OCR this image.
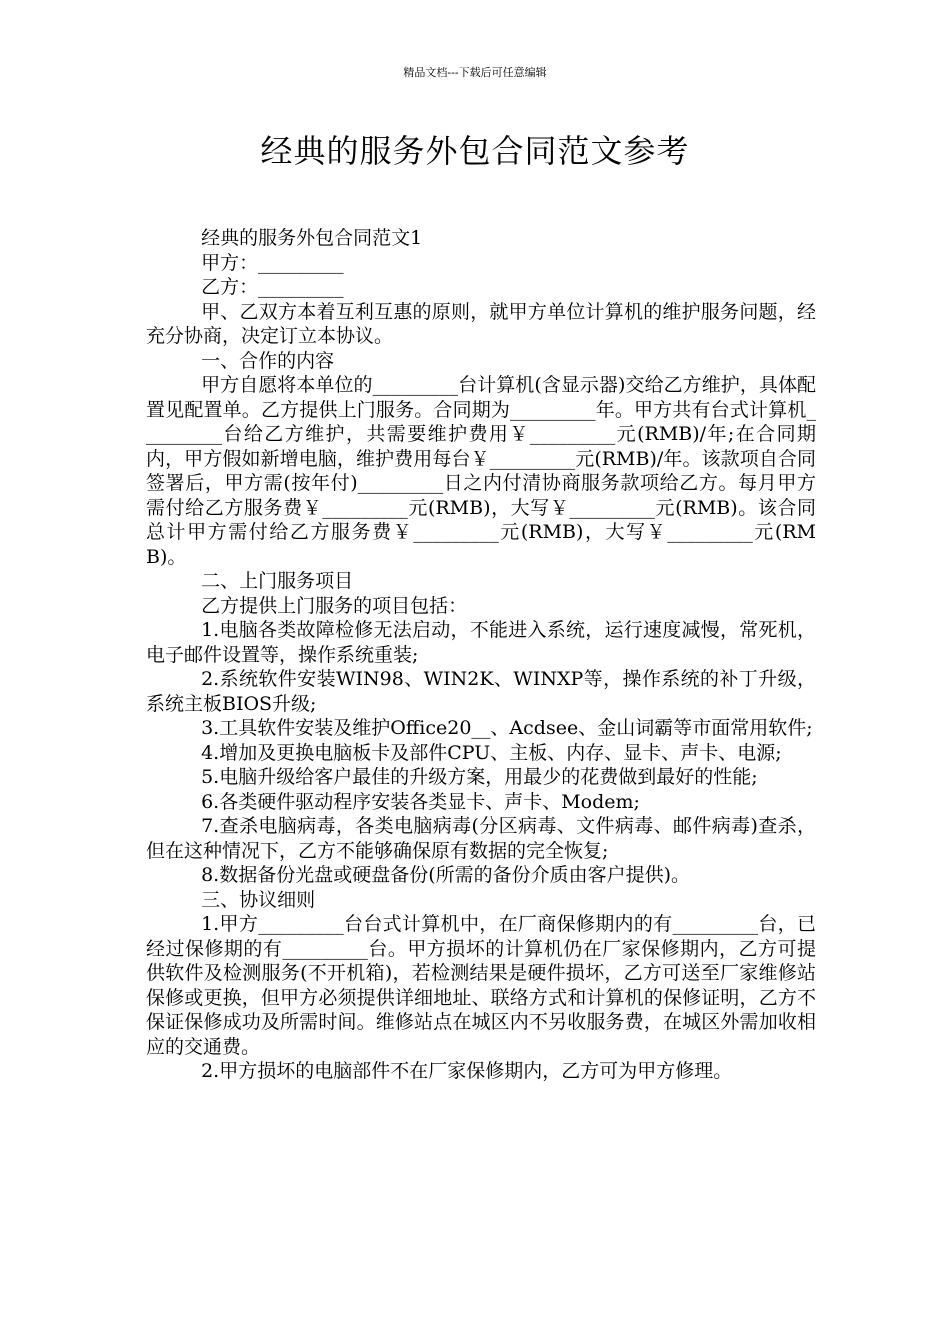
精品文档---下载后可任意编辑
经典的服务外包合同范文参考

经典的服务外包合同范文1

甲方：_________

乙方：_________

甲、乙双方本着互利互惠的原则，就甲方单位计算机的维护服务问题，经充分协商，决定订立本协议。

一、合作的内容

甲方自愿将本单位的_________台计算机(含显示器)交给乙方维护，具体配置见配置单。乙方提供上门服务。合同期为_________年。甲方共有台式计算机_________台给乙方维护，共需要维护费用￥_________元(RMB)/年;在合同期内，甲方假如新增电脑，维护费用每台￥_________元(RMB)/年。该款项自合同签署后，甲方需(按年付)_________日之内付清协商服务款项给乙方。每月甲方需付给乙方服务费￥_________元(RMB)，大写￥_________元(RMB)。该合同总计甲方需付给乙方服务费￥_________元(RMB)，大写￥_________元(RMB)。

二、上门服务项目

乙方提供上门服务的项目包括：

1.电脑各类故障检修无法启动，不能进入系统，运行速度减慢，常死机，电子邮件设置等，操作系统重装;

2.系统软件安装WIN98、WIN2K、WINXP等，操作系统的补丁升级，系统主板BIOS升级;

3.工具软件安装及维护Office20__、Acdsee、金山词霸等市面常用软件;

4.增加及更换电脑板卡及部件CPU、主板、内存、显卡、声卡、电源;

5.电脑升级给客户最佳的升级方案，用最少的花费做到最好的性能;

6.各类硬件驱动程序安装各类显卡、声卡、Modem;

7.查杀电脑病毒，各类电脑病毒(分区病毒、文件病毒、邮件病毒)查杀，但在这种情况下，乙方不能够确保原有数据的完全恢复;

8.数据备份光盘或硬盘备份(所需的备份介质由客户提供)。

三、协议细则

1.甲方_________台台式计算机中，在厂商保修期内的有_________台，已经过保修期的有_________台。甲方损坏的计算机仍在厂家保修期内，乙方可提供软件及检测服务(不开机箱)，若检测结果是硬件损坏，乙方可送至厂家维修站保修或更换，但甲方必须提供详细地址、联络方式和计算机的保修证明，乙方不保证保修成功及所需时间。维修站点在城区内不另收服务费，在城区外需加收相应的交通费。

2.甲方损坏的电脑部件不在厂家保修期内，乙方可为甲方修理。
